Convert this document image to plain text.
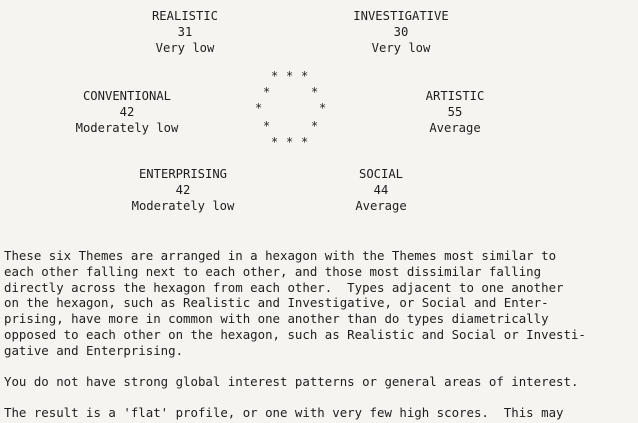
REALISTIC
31
Very low
INVESTIGATIVE
30
Very low
CONVENTIONAL
42
Moderately low
ARTISTIC
55
Average
ENTERPRISING
42
Moderately low
SOCIAL
44
Average
* * *
*	*
*	*
*	*
* * *
These six Themes are arranged in a hexagon with the Themes most similar to
each other falling next to each other, and those most dissimilar falling
directly across the hexagon from each other.  Types adjacent to one another
on the hexagon, such as Realistic and Investigative, or Social and Enter-
prising, have more in common with one another than do types diametrically
opposed to each other on the hexagon, such as Realistic and Social or Investi-
gative and Enterprising.
You do not have strong global interest patterns or general areas of interest.
The result is a 'flat' profile, or one with very few high scores.  This may
